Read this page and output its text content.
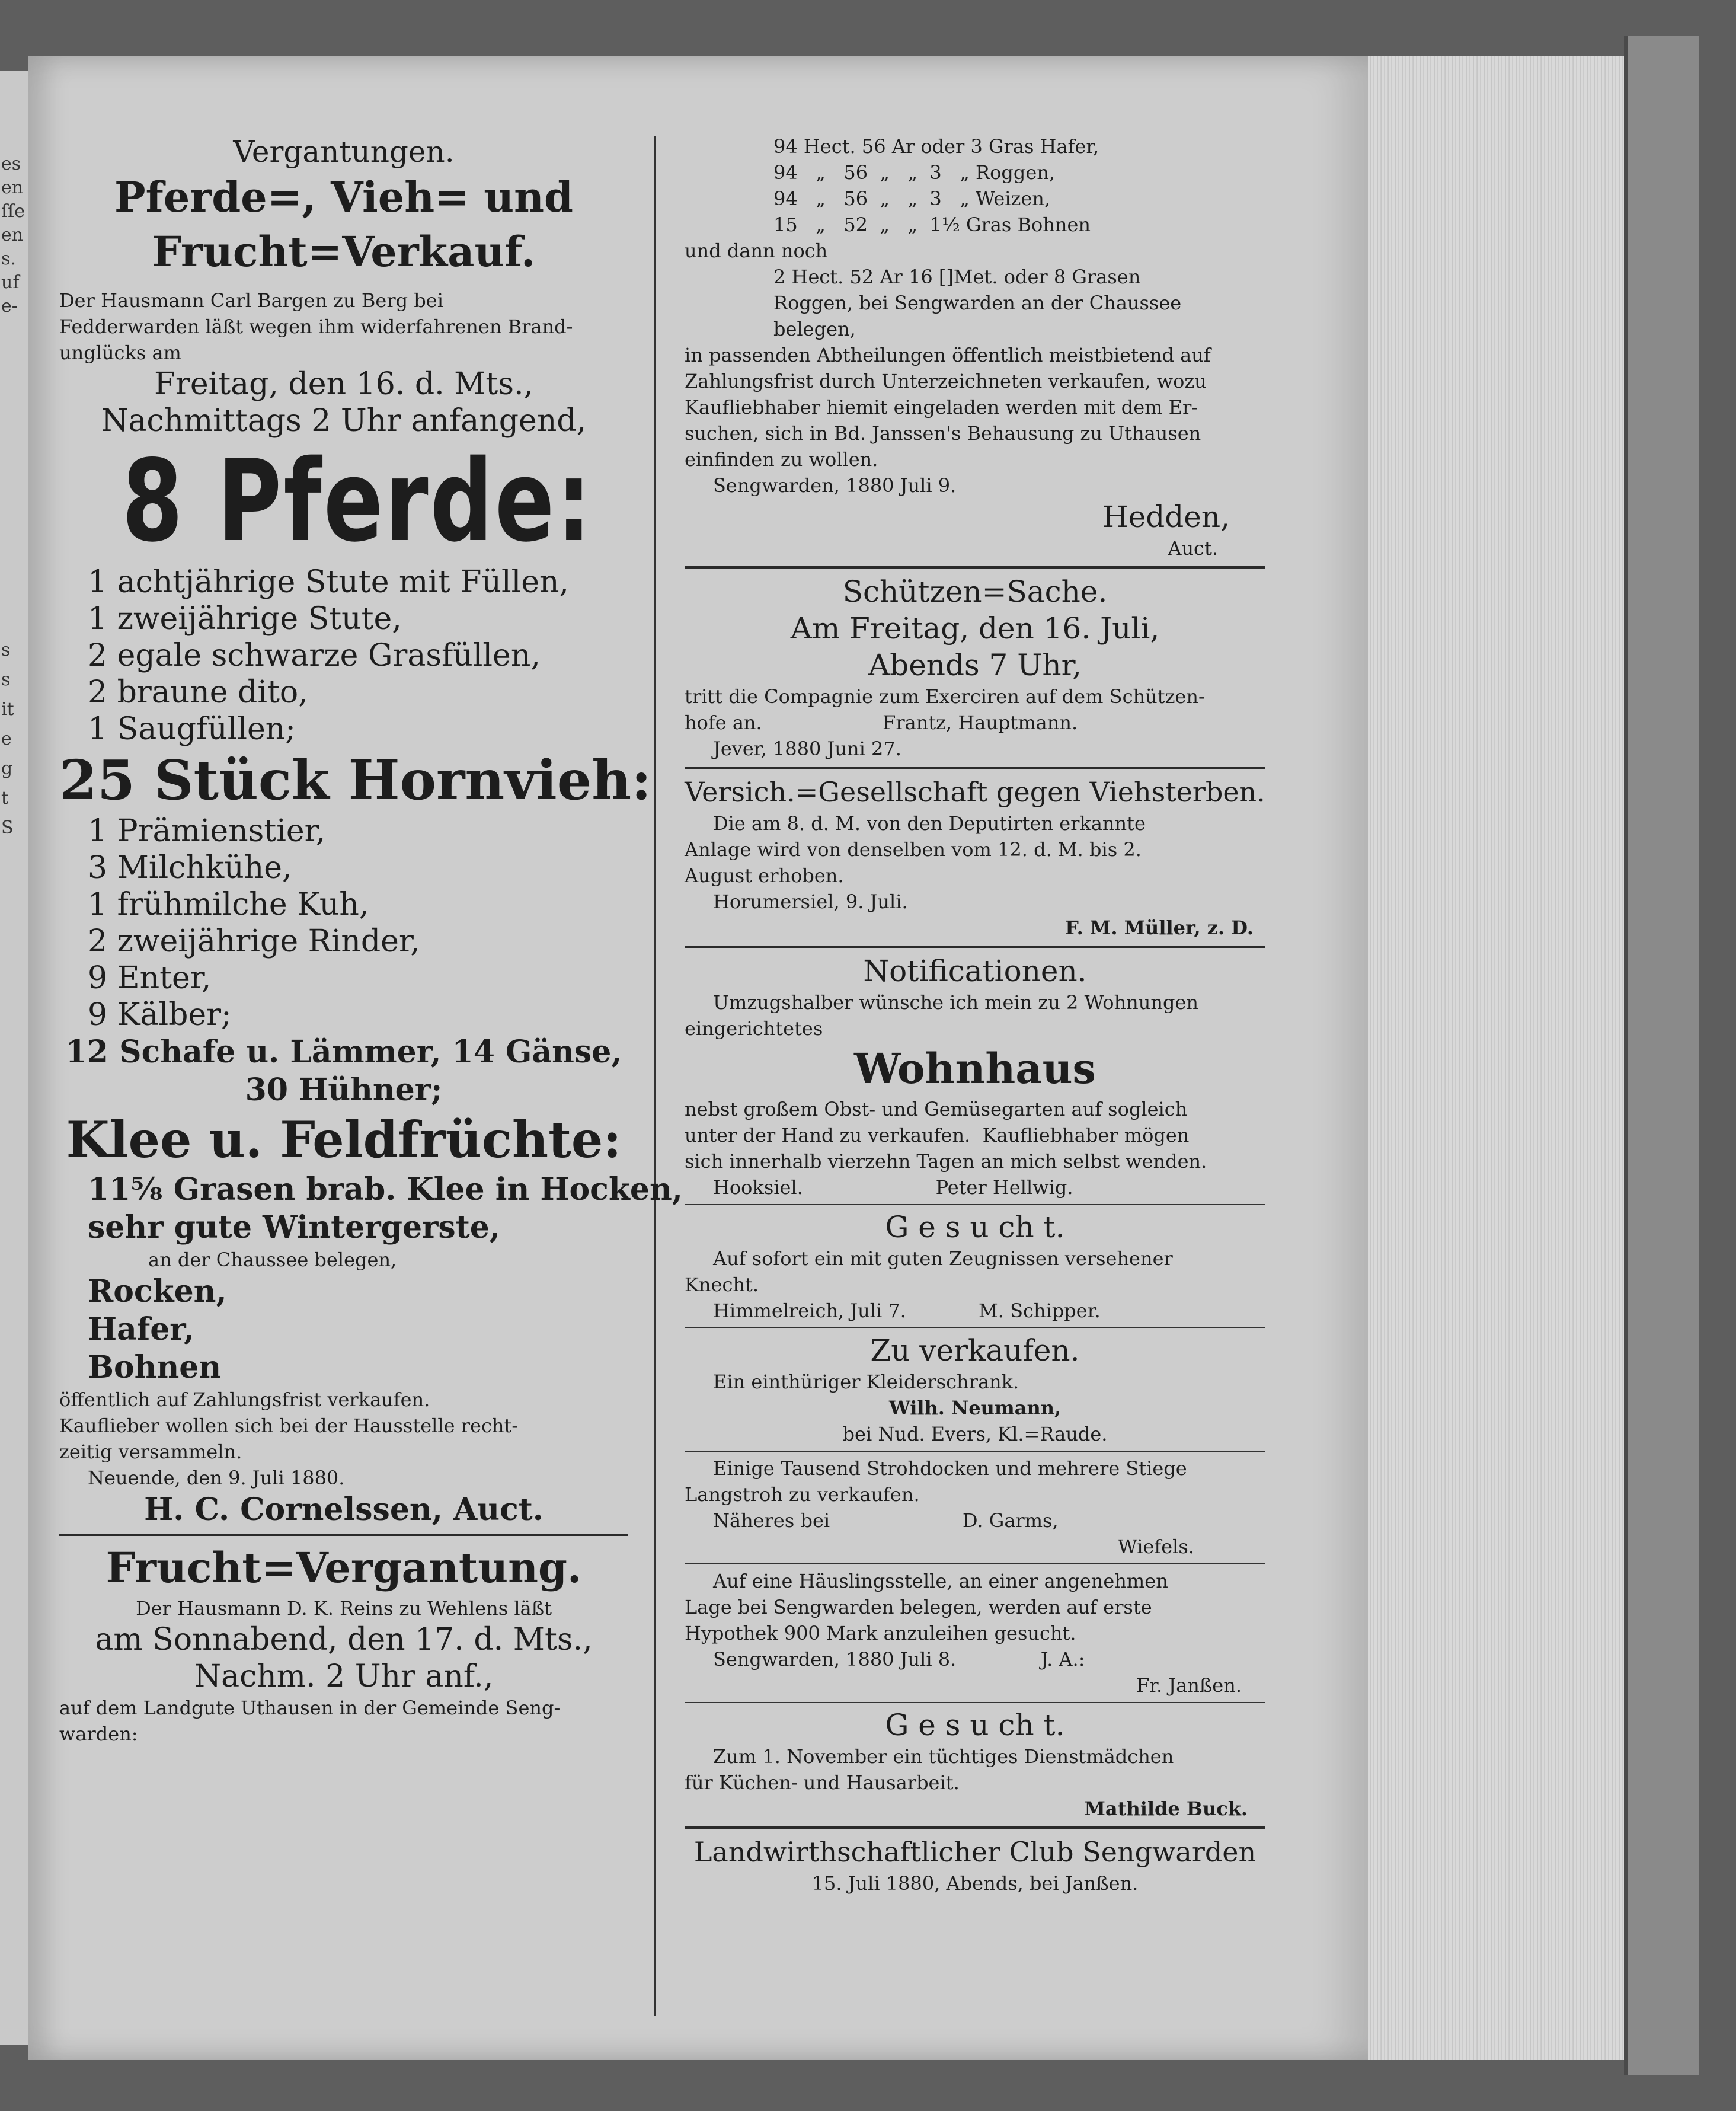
es
en
ſſe
en
s.
uf
e-
s
s
it
e
g
t
S
Vergantungen.
Pferde=, Vieh= und
Frucht=Verkauf.
Der Hausmann Carl Bargen zu Berg bei
Fedderwarden läßt wegen ihm widerfahrenen Brand-
unglücks am
Freitag, den 16. d. Mts.,
Nachmittags 2 Uhr anfangend,
8 Pferde:
1 achtjährige Stute mit Füllen,
1 zweijährige Stute,
2 egale schwarze Grasfüllen,
2 braune dito,
1 Saugfüllen;
25 Stück Hornvieh:
1 Prämienstier,
3 Milchkühe,
1 frühmilche Kuh,
2 zweijährige Rinder,
9 Enter,
9 Kälber;
12 Schafe u. Lämmer, 14 Gänse,
30 Hühner;
Klee u. Feldfrüchte:
11⁵⁄₈ Grasen brab. Klee in Hocken,
sehr gute Wintergerste,
an der Chaussee belegen,
Rocken,
Hafer,
Bohnen
öffentlich auf Zahlungsfrist verkaufen.
Kauflieber wollen sich bei der Hausstelle recht-
zeitig versammeln.
Neuende, den 9. Juli 1880.
H. C. Cornelssen, Auct.
Frucht=Vergantung.
Der Hausmann D. K. Reins zu Wehlens läßt
am Sonnabend, den 17. d. Mts.,
Nachm. 2 Uhr anf.,
auf dem Landgute Uthausen in der Gemeinde Seng-
warden:
94 Hect. 56 Ar oder 3 Gras Hafer,
94   „   56  „   „  3   „ Roggen,
94   „   56  „   „  3   „ Weizen,
15   „   52  „   „  1¹⁄₂ Gras Bohnen
und dann noch
2 Hect. 52 Ar 16 []Met. oder 8 Grasen
Roggen, bei Sengwarden an der Chaussee
belegen,
in passenden Abtheilungen öffentlich meistbietend auf
Zahlungsfrist durch Unterzeichneten verkaufen, wozu
Kaufliebhaber hiemit eingeladen werden mit dem Er-
suchen, sich in Bd. Janssen's Behausung zu Uthausen
einfinden zu wollen.
Sengwarden, 1880 Juli 9.
Hedden,
Auct.
Schützen=Sache.
Am Freitag, den 16. Juli,
Abends 7 Uhr,
tritt die Compagnie zum Exerciren auf dem Schützen-
hofe an.                    Frantz, Hauptmann.
Jever, 1880 Juni 27.
Versich.=Gesellschaft gegen Viehsterben.
Die am 8. d. M. von den Deputirten erkannte
Anlage wird von denselben vom 12. d. M. bis 2.
August erhoben.
Horumersiel, 9. Juli.
F. M. Müller, z. D.
Notificationen.
Umzugshalber wünsche ich mein zu 2 Wohnungen
eingerichtetes
Wohnhaus
nebst großem Obst- und Gemüsegarten auf sogleich
unter der Hand zu verkaufen.  Kaufliebhaber mögen
sich innerhalb vierzehn Tagen an mich selbst wenden.
Hooksiel.                      Peter Hellwig.
G e s u ch t.
Auf sofort ein mit guten Zeugnissen versehener
Knecht.
Himmelreich, Juli 7.            M. Schipper.
Zu verkaufen.
Ein einthüriger Kleiderschrank.
Wilh. Neumann,
bei Nud. Evers, Kl.=Raude.
Einige Tausend Strohdocken und mehrere Stiege
Langstroh zu verkaufen.
Näheres bei                      D. Garms,
Wiefels.
Auf eine Häuslingsstelle, an einer angenehmen
Lage bei Sengwarden belegen, werden auf erste
Hypothek 900 Mark anzuleihen gesucht.
Sengwarden, 1880 Juli 8.              J. A.:
Fr. Janßen.
G e s u ch t.
Zum 1. November ein tüchtiges Dienstmädchen
für Küchen- und Hausarbeit.
Mathilde Buck.
Landwirthschaftlicher Club Sengwarden
15. Juli 1880, Abends, bei Janßen.
